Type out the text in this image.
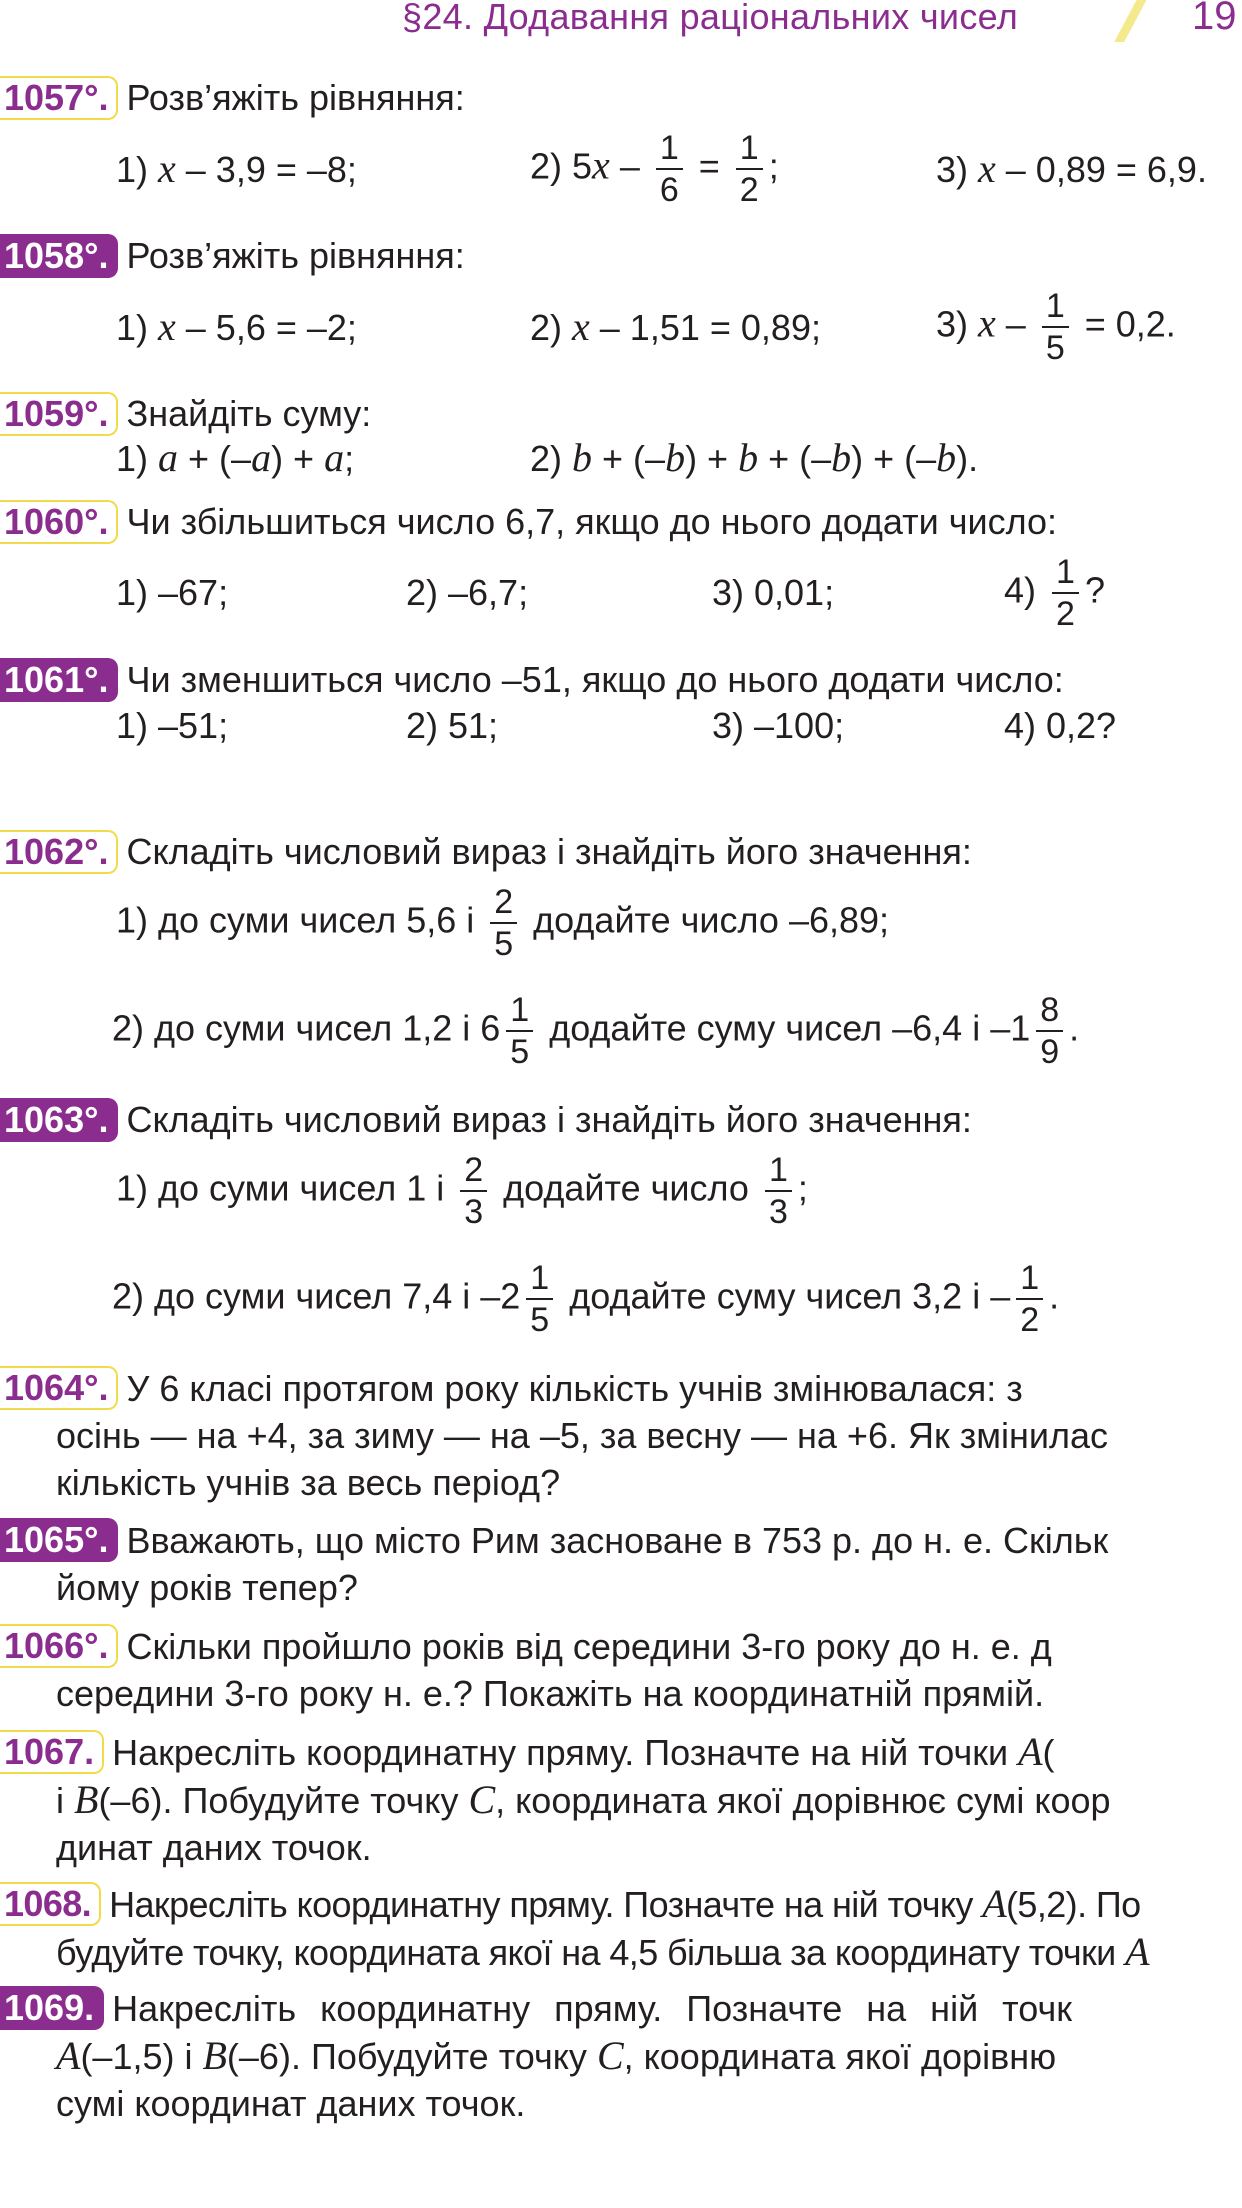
§24. Додавання раціональних чисел	19
1057°. Розв’яжіть рівняння:
1) x – 3,9 = –8;	2) $5x - \frac{1}{6} = \frac{1}{2}$ ;	3) x – 0,89 = 6,9.
1058°. Розв’яжіть рівняння:
1) x – 5,6 = –2;	2) x – 1,51 = 0,89;	3) $x - \frac{1}{5} = 0,2$.
1059°. Знайдіть суму:
1) a + (–a) + a;	2) b + (–b) + b + (–b) + (–b).
1060°. Чи збільшиться число 6,7, якщо до нього додати число:
1) –67;	2) –6,7;	3) 0,01;	$4) \frac{1}{2}$ ?
1061°. Чи зменшиться число –51, якщо до нього додати число:
1) –51;	2) 51;	3) –100;	4) 0,2?
1062°. Складіть числовий вираз і знайдіть його значення:
1) до суми чисел 5,6 і $\frac{2}{5}$ додайте число –6,89;
2) до суми чисел 1,2 і $6 \frac{1}{5}$ додайте суму чисел –6,4 і $-1 \frac{8}{9}$ .
1063°. Складіть числовий вираз і знайдіть його значення:
1) до суми чисел 1 і $\frac{2}{3}$ додайте число $\frac{1}{3}$ ;
2) до суми чисел 7,4 і $-2 \frac{1}{5}$ додайте суму чисел 3,2 і – $\frac{1}{2}$ .
1064°. У 6 класі протягом року кількість учнів змінювалася: з
осінь — на +4, за зиму — на –5, за весну — на +6. Як змінилас
кількість учнів за весь період?
1065°. Вважають, що місто Рим засноване в 753 р. до н. е. Скільк
йому років тепер?
1066°. Скільки пройшло років від середини 3-го року до н. е. д
середини 3-го року н. е.? Покажіть на координатній прямій.
1067. Накресліть координатну пряму. Позначте на ній точки A(
і B(–6). Побудуйте точку C, координата якої дорівнює сумі коор
динат даних точок.
1068. Накресліть координатну пряму. Позначте на ній точку A(5,2). По
будуйте точку, координата якої на 4,5 більша за координату точки A
1069. Накресліть координатну пряму. Позначте на ній точк
A(–1,5) і B(–6). Побудуйте точку C, координата якої дорівню
сумі координат даних точок.
